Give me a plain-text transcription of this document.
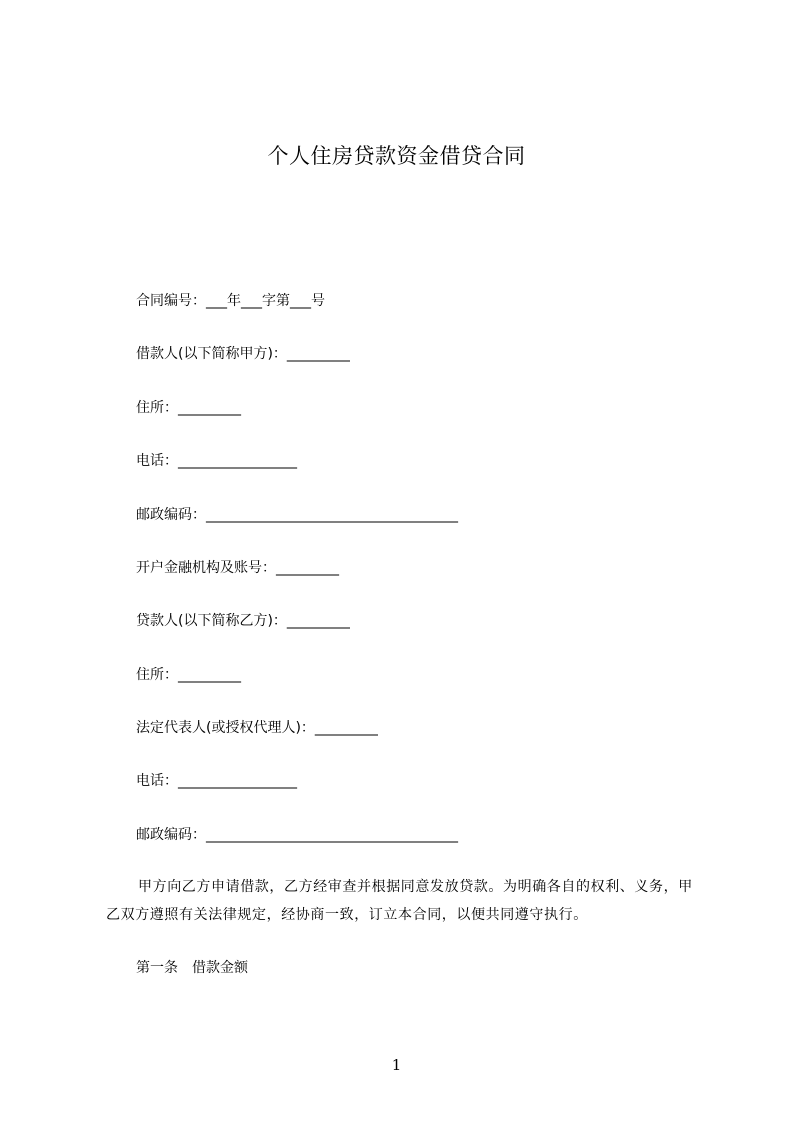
个人住房贷款资金借贷合同
合同编号：___年___字第___号
借款人(以下简称甲方)：_________
住所：_________
电话：_________________
邮政编码：____________________________________
开户金融机构及账号：_________
贷款人(以下简称乙方)：_________
住所：_________
法定代表人(或授权代理人)：_________
电话：_________________
邮政编码：____________________________________
甲方向乙方申请借款，乙方经审查并根据同意发放贷款。为明确各自的权利、义务，甲乙双方遵照有关法律规定，经协商一致，订立本合同，以便共同遵守执行。
第一条　借款金额
1
